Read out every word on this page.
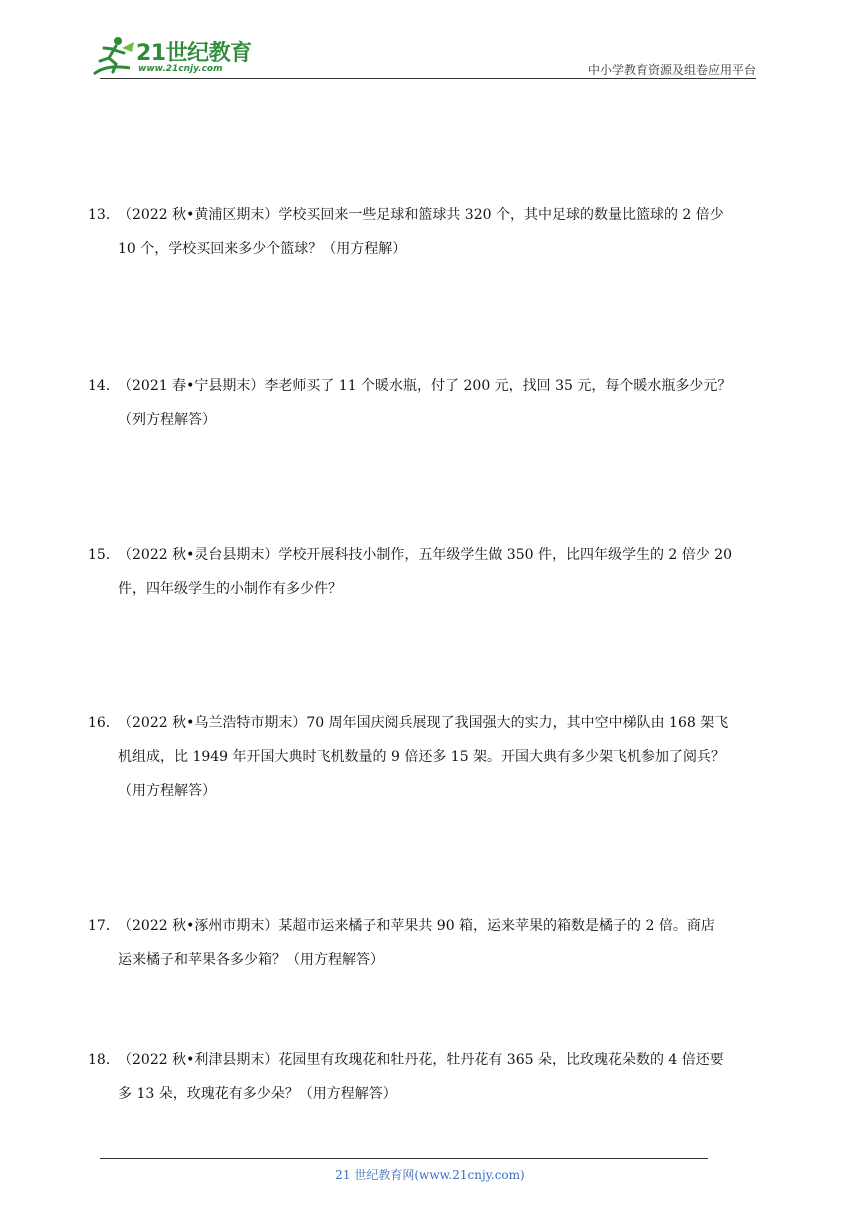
21世纪教育
www.21cnjy.com	中小学教育资源及组卷应用平台
13．
（2022 秋•黄浦区期末）学校买回来一些足球和篮球共 320 个，其中足球的数量比篮球的 2 倍少
10 个，学校买回来多少个篮球？（用方程解）
14．
（2021 春•宁县期末）李老师买了 11 个暖水瓶，付了 200 元，找回 35 元，每个暖水瓶多少元？
（列方程解答）
15．
（2022 秋•灵台县期末）学校开展科技小制作，五年级学生做 350 件，比四年级学生的 2 倍少 20
件，四年级学生的小制作有多少件？
16．
（2022 秋•乌兰浩特市期末）70 周年国庆阅兵展现了我国强大的实力，其中空中梯队由 168 架飞
机组成，比 1949 年开国大典时飞机数量的 9 倍还多 15 架。开国大典有多少架飞机参加了阅兵？
（用方程解答）
17．
（2022 秋•涿州市期末）某超市运来橘子和苹果共 90 箱，运来苹果的箱数是橘子的 2 倍。商店
运来橘子和苹果各多少箱？（用方程解答）
18．
（2022 秋•利津县期末）花园里有玫瑰花和牡丹花，牡丹花有 365 朵，比玫瑰花朵数的 4 倍还要
多 13 朵，玫瑰花有多少朵？（用方程解答）
21 世纪教育网(www.21cnjy.com)
